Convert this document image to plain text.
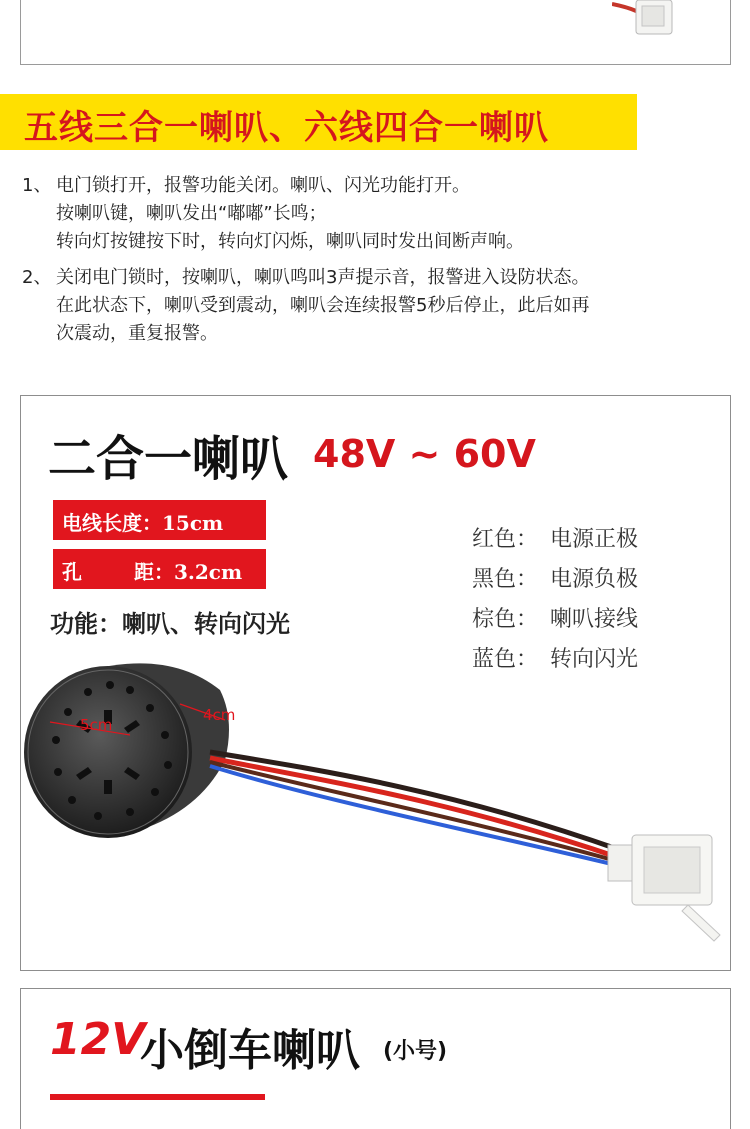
五线三合一喇叭、六线四合一喇叭
1、 电门锁打开，报警功能关闭。喇叭、闪光功能打开。
按喇叭键，喇叭发出“嘟嘟”长鸣；
转向灯按键按下时，转向灯闪烁，喇叭同时发出间断声响。
2、 关闭电门锁时，按喇叭，喇叭鸣叫3声提示音，报警进入设防状态。
在此状态下，喇叭受到震动，喇叭会连续报警5秒后停止，此后如再
次震动，重复报警。
二合一喇叭 48V ~ 60V
电线长度：15cm
孔	距：3.2cm
功能：喇叭、转向闪光
红色： 电源正极
黑色： 电源负极
棕色： 喇叭接线
蓝色： 转向闪光
5cm
4cm
12V
小倒车喇叭 (小号)
